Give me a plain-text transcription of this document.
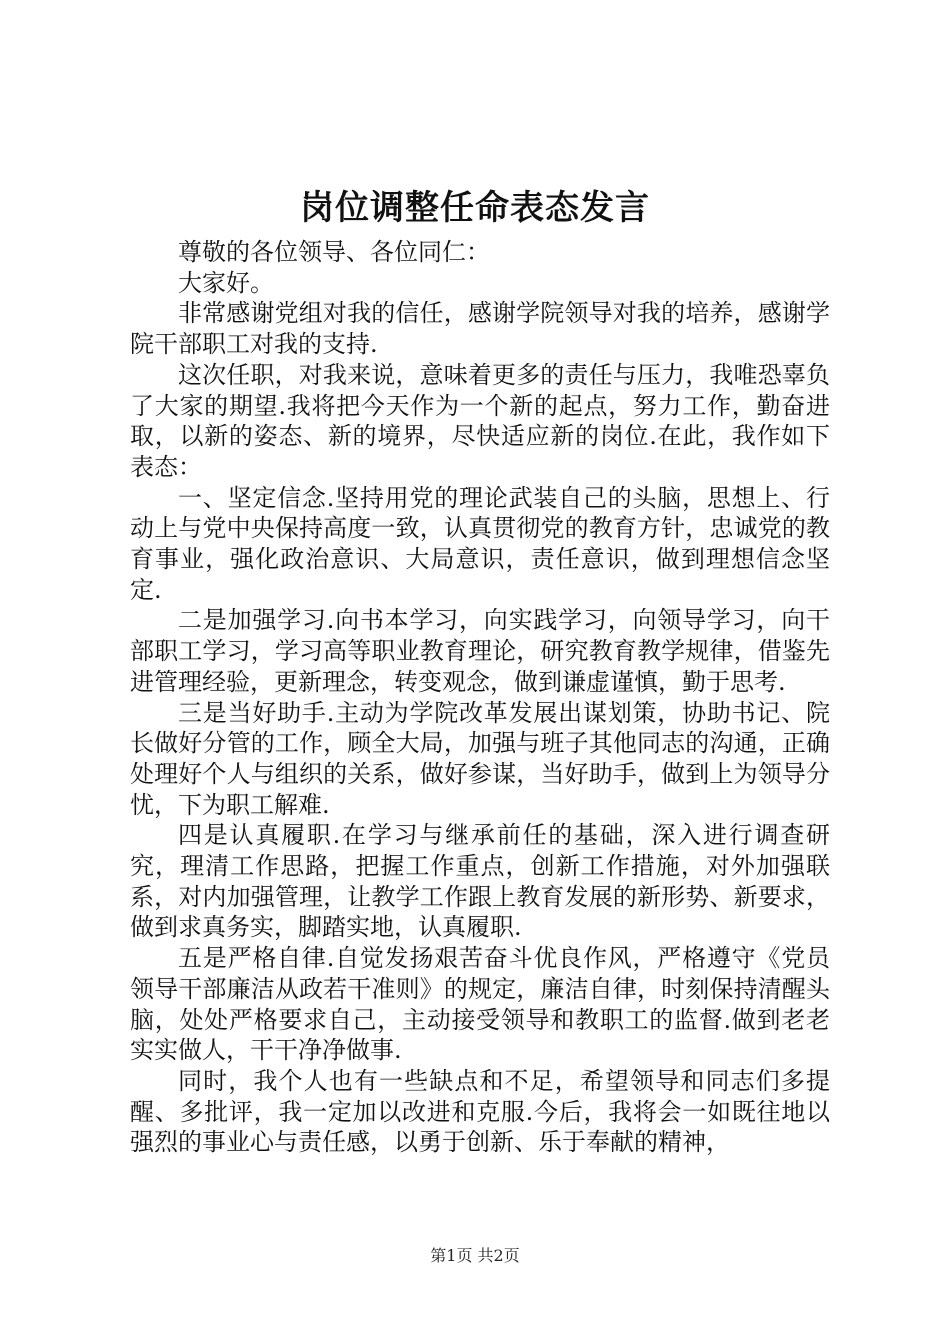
岗位调整任命表态发言

尊敬的各位领导、各位同仁：

大家好。

非常感谢党组对我的信任，感谢学院领导对我的培养，感谢学院干部职工对我的支持.

这次任职，对我来说，意味着更多的责任与压力，我唯恐辜负了大家的期望.我将把今天作为一个新的起点，努力工作，勤奋进取，以新的姿态、新的境界，尽快适应新的岗位.在此，我作如下表态：

一、坚定信念.坚持用党的理论武装自己的头脑，思想上、行动上与党中央保持高度一致，认真贯彻党的教育方针，忠诚党的教育事业，强化政治意识、大局意识，责任意识，做到理想信念坚定.

二是加强学习.向书本学习，向实践学习，向领导学习，向干部职工学习，学习高等职业教育理论，研究教育教学规律，借鉴先进管理经验，更新理念，转变观念，做到谦虚谨慎，勤于思考.

三是当好助手.主动为学院改革发展出谋划策，协助书记、院长做好分管的工作，顾全大局，加强与班子其他同志的沟通，正确处理好个人与组织的关系，做好参谋，当好助手，做到上为领导分忧，下为职工解难.

四是认真履职.在学习与继承前任的基础，深入进行调查研究，理清工作思路，把握工作重点，创新工作措施，对外加强联系，对内加强管理，让教学工作跟上教育发展的新形势、新要求，做到求真务实，脚踏实地，认真履职.

五是严格自律.自觉发扬艰苦奋斗优良作风，严格遵守《党员领导干部廉洁从政若干准则》的规定，廉洁自律，时刻保持清醒头脑，处处严格要求自己，主动接受领导和教职工的监督.做到老老实实做人，干干净净做事.

同时，我个人也有一些缺点和不足，希望领导和同志们多提醒、多批评，我一定加以改进和克服.今后，我将会一如既往地以强烈的事业心与责任感，以勇于创新、乐于奉献的精神，

第1页 共2页
